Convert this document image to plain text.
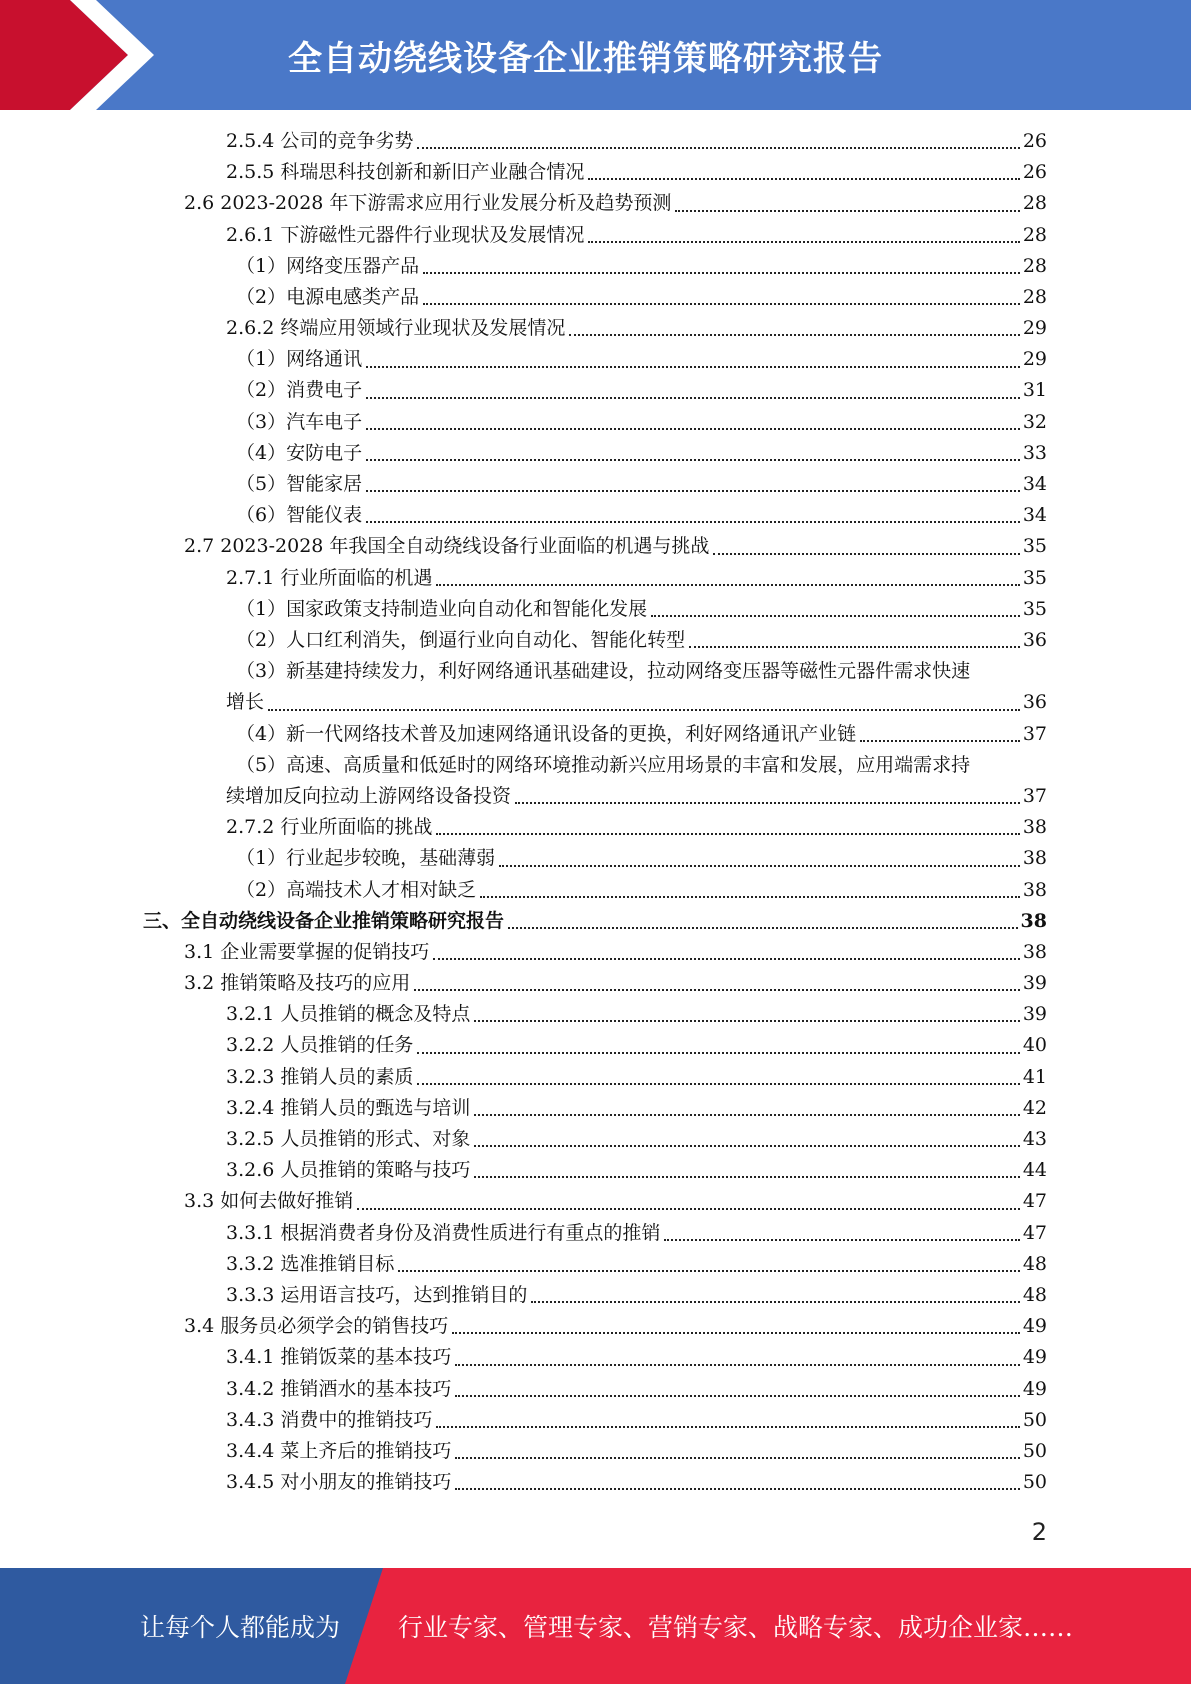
全自动绕线设备企业推销策略研究报告
2.5.4 公司的竞争劣势	26
2.5.5 科瑞思科技创新和新旧产业融合情况	26
2.6 2023-2028 年下游需求应用行业发展分析及趋势预测	28
2.6.1 下游磁性元器件行业现状及发展情况	28
（1）网络变压器产品	28
（2）电源电感类产品	28
2.6.2 终端应用领域行业现状及发展情况	29
（1）网络通讯	29
（2）消费电子	31
（3）汽车电子	32
（4）安防电子	33
（5）智能家居	34
（6）智能仪表	34
2.7 2023-2028 年我国全自动绕线设备行业面临的机遇与挑战	35
2.7.1 行业所面临的机遇	35
（1）国家政策支持制造业向自动化和智能化发展	35
（2）人口红利消失，倒逼行业向自动化、智能化转型	36
（3）新基建持续发力，利好网络通讯基础建设，拉动网络变压器等磁性元器件需求快速
增长	36
（4）新一代网络技术普及加速网络通讯设备的更换，利好网络通讯产业链	37
（5）高速、高质量和低延时的网络环境推动新兴应用场景的丰富和发展，应用端需求持
续增加反向拉动上游网络设备投资	37
2.7.2 行业所面临的挑战	38
（1）行业起步较晚，基础薄弱	38
（2）高端技术人才相对缺乏	38
三、全自动绕线设备企业推销策略研究报告	38
3.1 企业需要掌握的促销技巧	38
3.2 推销策略及技巧的应用	39
3.2.1 人员推销的概念及特点	39
3.2.2 人员推销的任务	40
3.2.3 推销人员的素质	41
3.2.4 推销人员的甄选与培训	42
3.2.5 人员推销的形式、对象	43
3.2.6 人员推销的策略与技巧	44
3.3 如何去做好推销	47
3.3.1 根据消费者身份及消费性质进行有重点的推销	47
3.3.2 选准推销目标	48
3.3.3 运用语言技巧，达到推销目的	48
3.4 服务员必须学会的销售技巧	49
3.4.1 推销饭菜的基本技巧	49
3.4.2 推销酒水的基本技巧	49
3.4.3 消费中的推销技巧	50
3.4.4 菜上齐后的推销技巧	50
3.4.5 对小朋友的推销技巧	50
2
让每个人都能成为 行业专家、管理专家、营销专家、战略专家、成功企业家……
